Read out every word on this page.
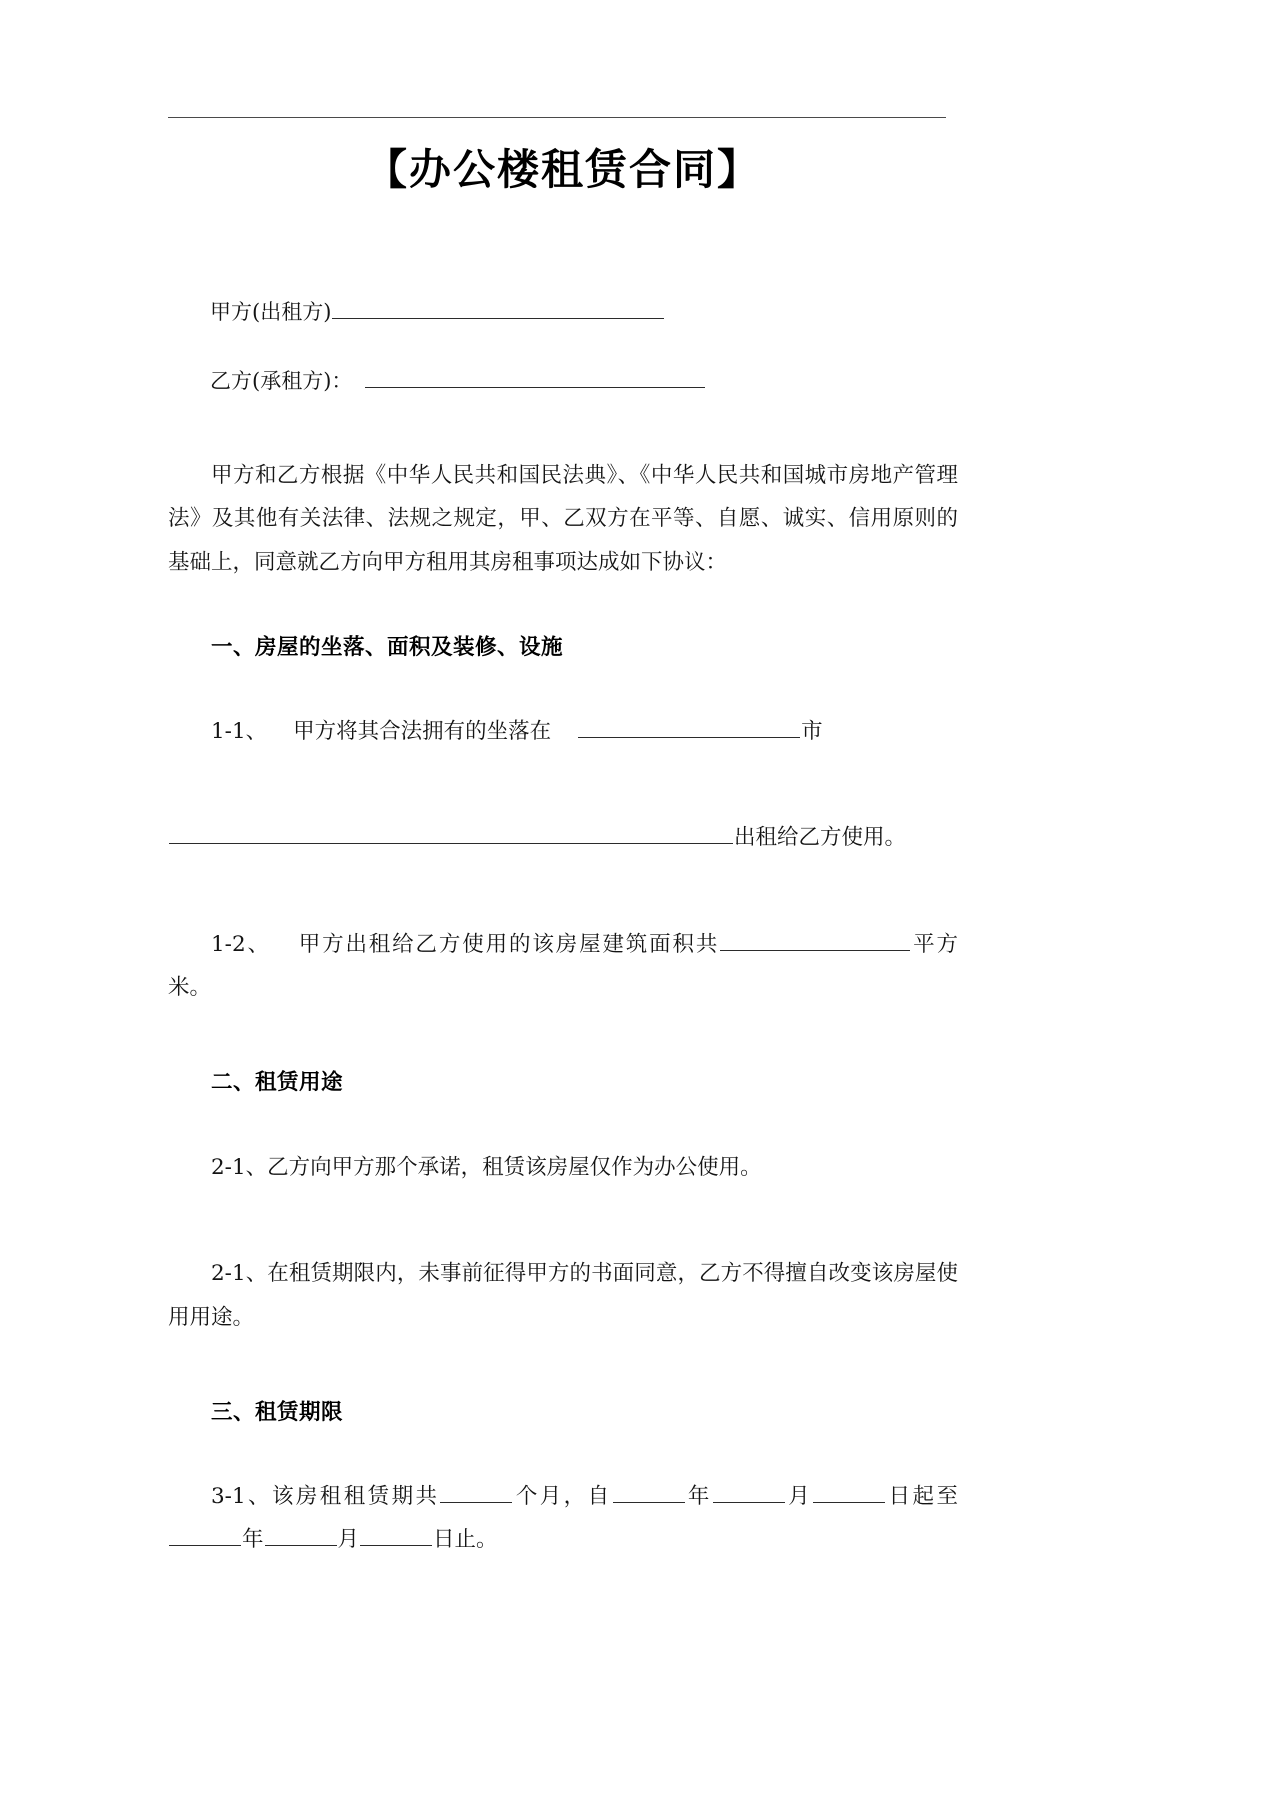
【办公楼租赁合同】
甲方(出租方)
乙方(承租方)：

甲方和乙方根据《中华人民共和国民法典》、《中华人民共和国城市房地产管理法》及其他有关法律、法规之规定，甲、乙双方在平等、自愿、诚实、信用原则的基础上，同意就乙方向甲方租用其房租事项达成如下协议：

一、房屋的坐落、面积及装修、设施

1-1、 甲方将其合法拥有的坐落在	市

出租给乙方使用。

1-2、 甲方出租给乙方使用的该房屋建筑面积共	平方米。

二、租赁用途

2-1、乙方向甲方那个承诺，租赁该房屋仅作为办公使用。

2-1、在租赁期限内，未事前征得甲方的书面同意，乙方不得擅自改变该房屋使用用途。

三、租赁期限

3-1、该房租租赁期共	个月，自	年	月	日起至年	月	日止。
